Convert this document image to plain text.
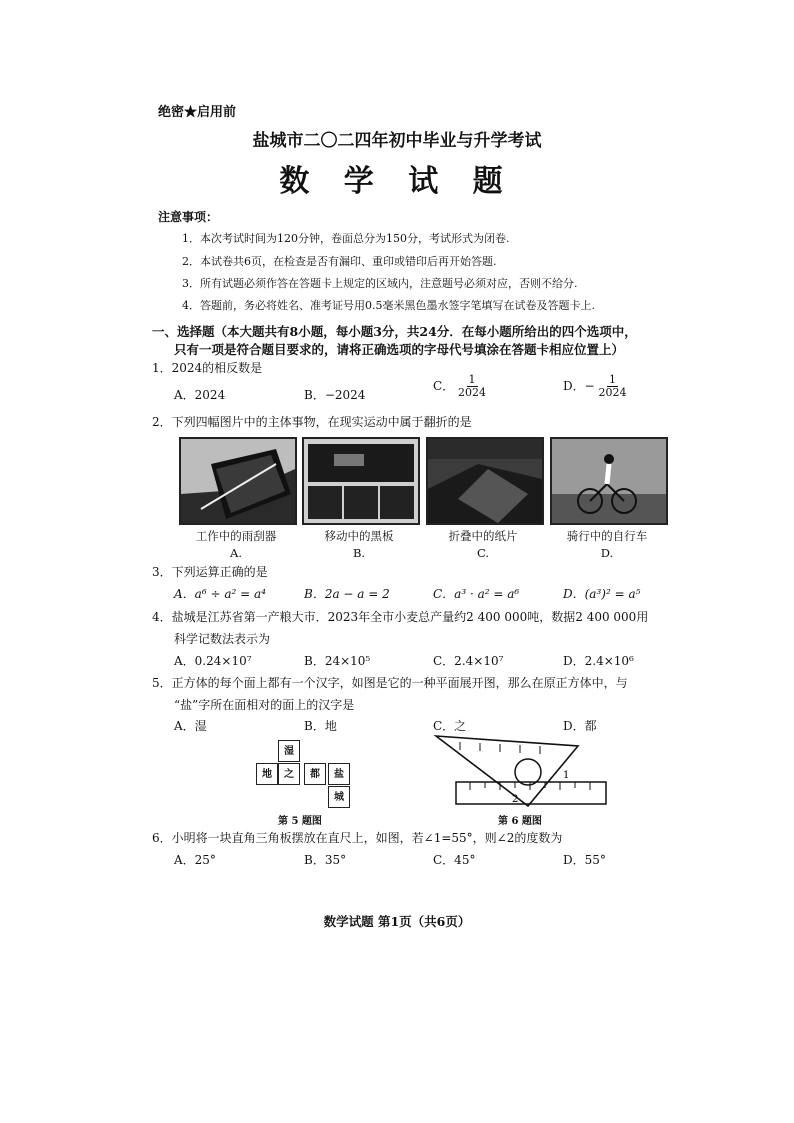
绝密★启用前
盐城市二〇二四年初中毕业与升学考试
数 学 试 题
注意事项：
1．本次考试时间为120分钟，卷面总分为150分，考试形式为闭卷.
2．本试卷共6页，在检查是否有漏印、重印或错印后再开始答题.
3．所有试题必须作答在答题卡上规定的区域内，注意题号必须对应，否则不给分.
4．答题前，务必将姓名、准考证号用0.5毫米黑色墨水签字笔填写在试卷及答题卡上.
一、选择题（本大题共有8小题，每小题3分，共24分．在每小题所给出的四个选项中，
只有一项是符合题目要求的，请将正确选项的字母代号填涂在答题卡相应位置上）
1．2024的相反数是
A．2024	B．−2024
C． $\frac{1}{2024}$	D．− $\frac{1}{2024}$
2．下列四幅图片中的主体事物，在现实运动中属于翻折的是
工作中的雨刮器	移动中的黑板	折叠中的纸片	骑行中的自行车
A.	B.	C.	D.
3．下列运算正确的是
A．a⁶ ÷ a² = a⁴	B．2a − a = 2	C．a³ · a² = a⁶	D．(a³)² = a⁵
4．盐城是江苏省第一产粮大市．2023年全市小麦总产量约2 400 000吨，数据2 400 000用
科学记数法表示为
A．0.24×10⁷	B．24×10⁵	C．2.4×10⁷	D．2.4×10⁶
5．正方体的每个面上都有一个汉字，如图是它的一种平面展开图，那么在原正方体中，与
“盐”字所在面相对的面上的汉字是
A．湿	B．地	C．之	D．都
湿
地	之	都	盐
城
第 5 题图
1
2
第 6 题图
6．小明将一块直角三角板摆放在直尺上，如图，若∠1=55°，则∠2的度数为
A．25°	B．35°	C．45°	D．55°
数学试题 第1页（共6页）
